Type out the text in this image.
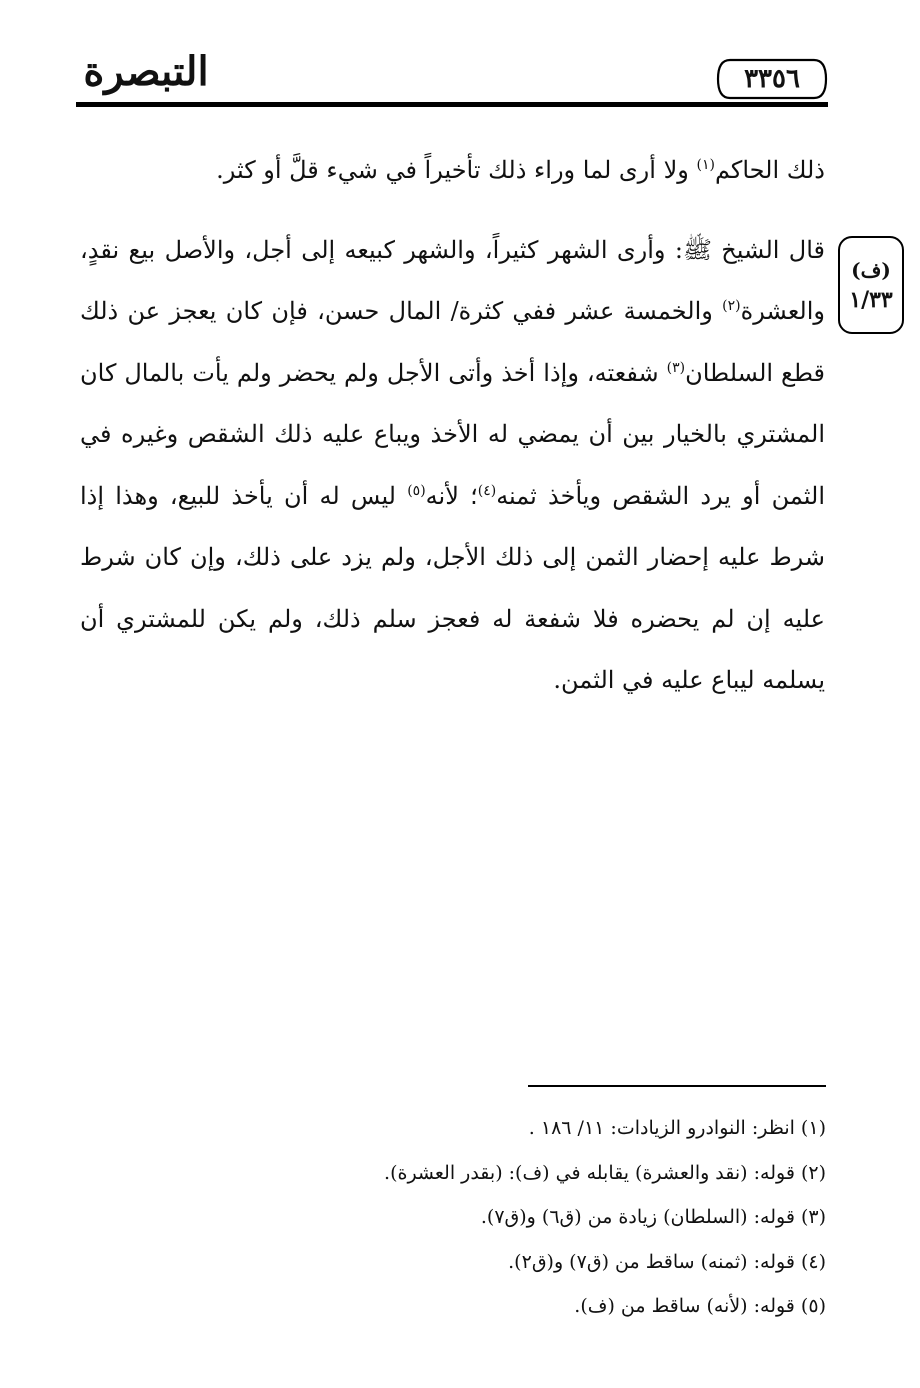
التبصرة	٣٣٥٦
(ف)
١/٣٣

ذلك الحاكم$^{(١)}$ ولا أرى لما وراء ذلك تأخيراً في شيء قلَّ أو كثر.

قال الشيخ ﷺ: وأرى الشهر كثيراً، والشهر كبيعه إلى أجل، والأصل بيع نقدٍ، والعشرة$^{(٢)}$ والخمسة عشر ففي كثرة/ المال حسن، فإن كان يعجز عن ذلك قطع السلطان$^{(٣)}$ شفعته، وإذا أخذ وأتى الأجل ولم يحضر ولم يأت بالمال كان المشتري بالخيار بين أن يمضي له الأخذ ويباع عليه ذلك الشقص وغيره في الثمن أو يرد الشقص ويأخذ ثمنه$^{(٤)}$؛ لأنه$^{(٥)}$ ليس له أن يأخذ للبيع، وهذا إذا شرط عليه إحضار الثمن إلى ذلك الأجل، ولم يزد على ذلك، وإن كان شرط عليه إن لم يحضره فلا شفعة له فعجز سلم ذلك، ولم يكن للمشتري أن يسلمه ليباع عليه في الثمن.

(١) انظر: النوادرو الزيادات: ١١/ ١٨٦ .
(٢) قوله: (نقد والعشرة) يقابله في (ف): (بقدر العشرة).
(٣) قوله: (السلطان) زيادة من (ق٦) و(ق٧).
(٤) قوله: (ثمنه) ساقط من (ق٧) و(ق٢).
(٥) قوله: (لأنه) ساقط من (ف).
